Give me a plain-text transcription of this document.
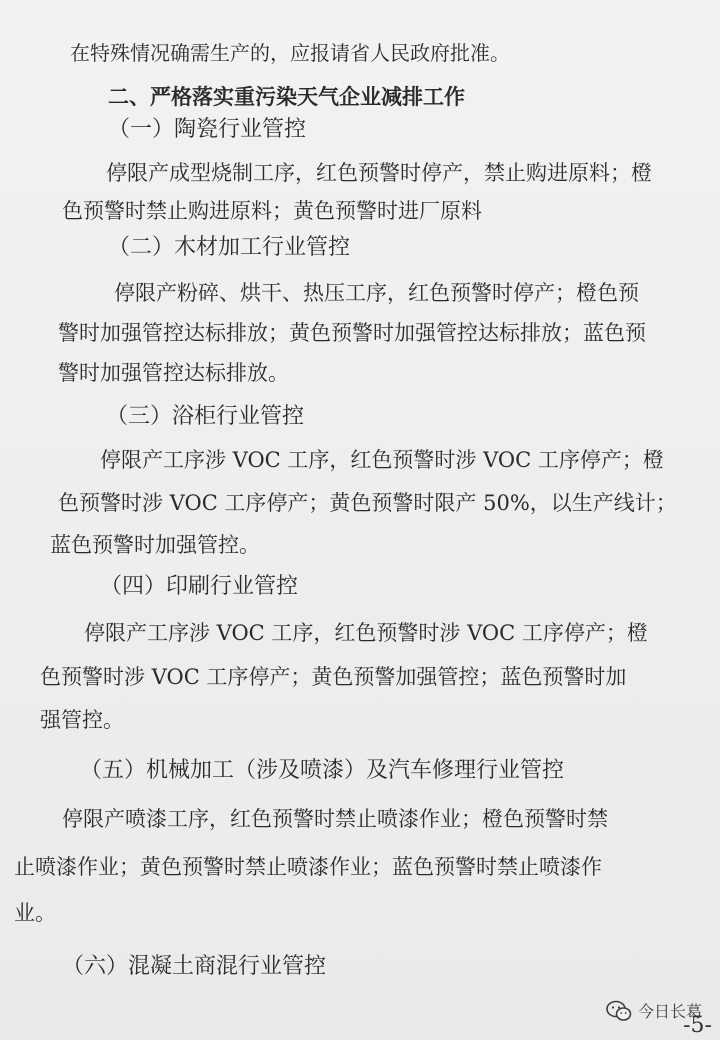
在特殊情况确需生产的，应报请省人民政府批准。
二、严格落实重污染天气企业减排工作
（一）陶瓷行业管控
停限产成型烧制工序，红色预警时停产，禁止购进原料；橙
色预警时禁止购进原料；黄色预警时进厂原料
（二）木材加工行业管控
停限产粉碎、烘干、热压工序，红色预警时停产；橙色预
警时加强管控达标排放；黄色预警时加强管控达标排放；蓝色预
警时加强管控达标排放。
（三）浴柜行业管控
停限产工序涉 VOC 工序，红色预警时涉 VOC 工序停产；橙
色预警时涉 VOC 工序停产；黄色预警时限产 50%，以生产线计；
蓝色预警时加强管控。
（四）印刷行业管控
停限产工序涉 VOC 工序，红色预警时涉 VOC 工序停产；橙
色预警时涉 VOC 工序停产；黄色预警加强管控；蓝色预警时加
强管控。
（五）机械加工（涉及喷漆）及汽车修理行业管控
停限产喷漆工序，红色预警时禁止喷漆作业；橙色预警时禁
止喷漆作业；黄色预警时禁止喷漆作业；蓝色预警时禁止喷漆作
业。
（六）混凝土商混行业管控
今日长葛
-5-
